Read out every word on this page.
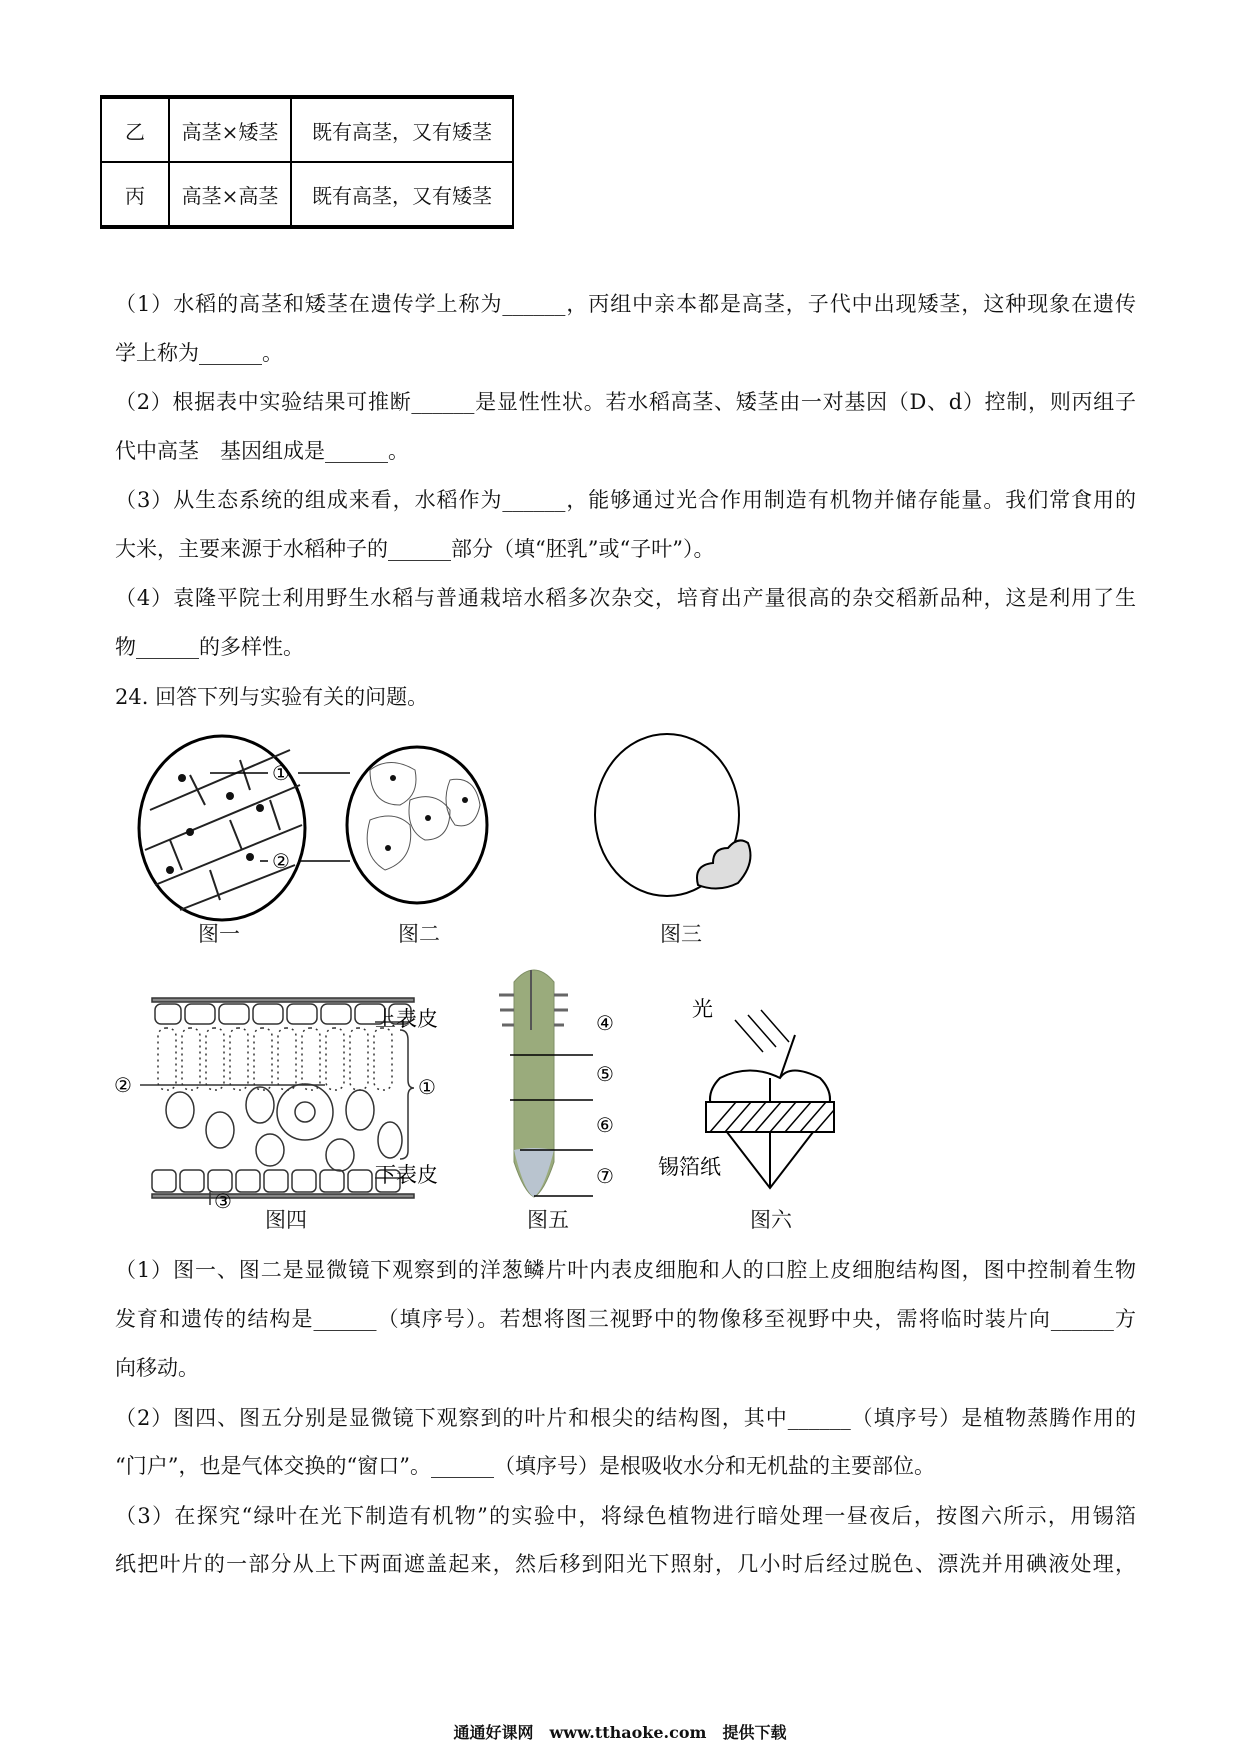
乙	高茎×矮茎	既有高茎，又有矮茎
丙	高茎×高茎	既有高茎，又有矮茎
（1）水稻的高茎和矮茎在遗传学上称为______，丙组中亲本都是高茎，子代中出现矮茎，这种现象在遗传
学上称为______。
（2）根据表中实验结果可推断______是显性性状。若水稻高茎、矮茎由一对基因（D、d）控制，则丙组子
代中高茎　基因组成是______。
（3）从生态系统的组成来看，水稻作为______，能够通过光合作用制造有机物并储存能量。我们常食用的
大米，主要来源于水稻种子的______部分（填“胚乳”或“子叶”）。
（4）袁隆平院士利用野生水稻与普通栽培水稻多次杂交，培育出产量很高的杂交稻新品种，这是利用了生
物______的多样性。
24. 回答下列与实验有关的问题。
①
②
图一	图二	图三
上表皮
下表皮
①
②
③
④
⑤
⑥
⑦
光
锡箔纸
图四	图五	图六
（1）图一、图二是显微镜下观察到的洋葱鳞片叶内表皮细胞和人的口腔上皮细胞结构图，图中控制着生物
发育和遗传的结构是______（填序号）。若想将图三视野中的物像移至视野中央，需将临时装片向______方
向移动。
（2）图四、图五分别是显微镜下观察到的叶片和根尖的结构图，其中______（填序号）是植物蒸腾作用的
“门户”，也是气体交换的“窗口”。______（填序号）是根吸收水分和无机盐的主要部位。
（3）在探究“绿叶在光下制造有机物”的实验中，将绿色植物进行暗处理一昼夜后，按图六所示，用锡箔
纸把叶片的一部分从上下两面遮盖起来，然后移到阳光下照射，几小时后经过脱色、漂洗并用碘液处理，
通通好课网　www.tthaoke.com　提供下载
